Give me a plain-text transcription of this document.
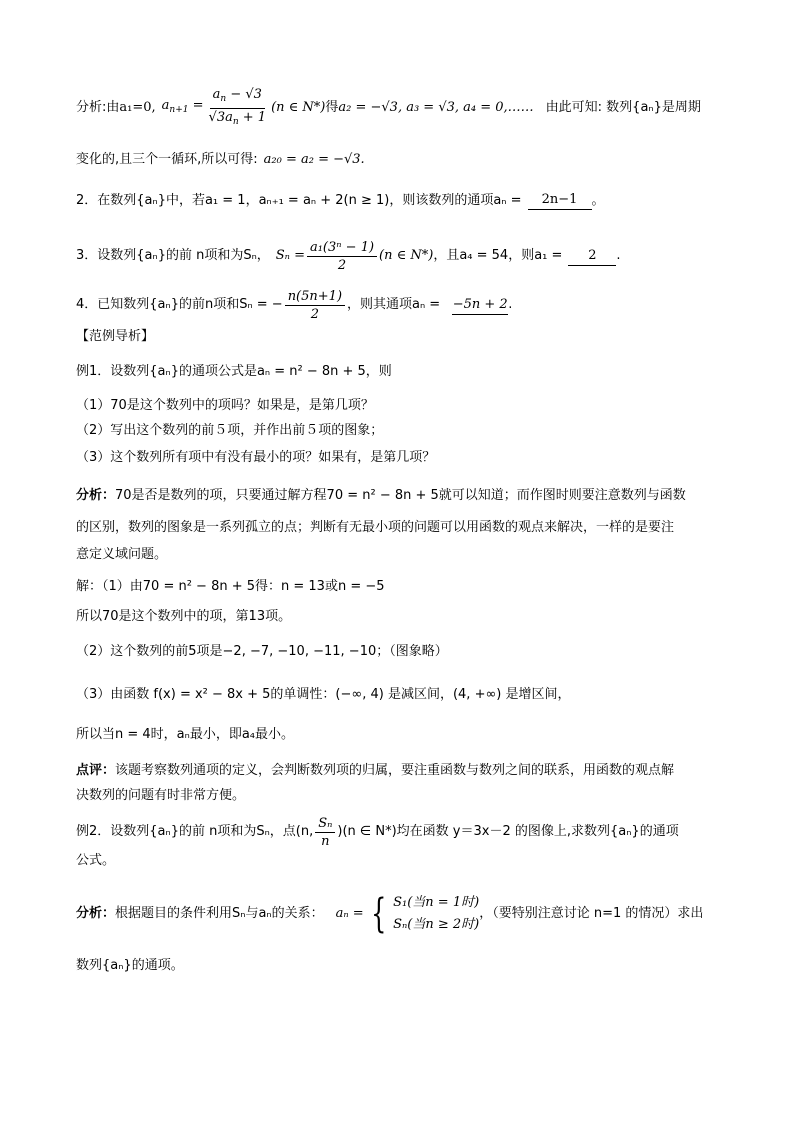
分析:由 a₁=0, $a_{n+1} = \frac{a_n - √3}{√3a_n + 1} (n$ ∈ N*) 得 a₂ = −√3, a₃ = √3, a₄ = 0,…… 由此可知: 数列{aₙ}是周期
变化的,且三个一循环,所以可得: a₂₀ = a₂ = −√3.
2．在数列{aₙ}中，若a₁ = 1，aₙ₊₁ = aₙ + 2(n ≥ 1)，则该数列的通项aₙ =	2n−1	。
3．设数列{aₙ}的前 n项和为Sₙ， $S_n = \frac{\text{a₁(3ⁿ − 1)}}{2} (n$ ∈ N*) ，且a₄ = 54，则a₁ =	2	.
4．已知数列{aₙ}的前n项和Sₙ = − $\frac{n(5n+1)}{2}$ ，则其通项aₙ = −5n + 2 .
【范例导析】
例1．设数列{aₙ}的通项公式是aₙ = n² − 8n + 5，则
（1）70是这个数列中的项吗？如果是，是第几项？
（2）写出这个数列的前５项，并作出前５项的图象；
（3）这个数列所有项中有没有最小的项？如果有，是第几项？
分析： 70是否是数列的项，只要通过解方程70 = n² − 8n + 5就可以知道；而作图时则要注意数列与函数
的区别，数列的图象是一系列孤立的点；判断有无最小项的问题可以用函数的观点来解决，一样的是要注
意定义域问题。
解：（1）由70 = n² − 8n + 5得：n = 13或n = −5
所以70是这个数列中的项，第13项。
（2）这个数列的前5项是−2, −7, −10, −11, −10；（图象略）
（3）由函数 f(x) = x² − 8x + 5的单调性：(−∞, 4) 是减区间，(4, +∞) 是增区间，
所以当n = 4时，aₙ最小，即a₄最小。
点评： 该题考察数列通项的定义，会判断数列项的归属，要注重函数与数列之间的联系，用函数的观点解
决数列的问题有时非常方便。
例2．设数列{aₙ}的前 n项和为Sₙ，点(n, $\frac{\text{Sₙ}}{n} )(n$ ∈ N*)均在函数 y＝3x－2 的图像上,求数列{aₙ}的通项
公式。
分析： 根据题目的条件利用Sₙ与aₙ的关系： aₙ = { S₁(当n = 1时)
Sₙ(当n ≥ 2时)
，（要特别注意讨论 n=1 的情况）求出
数列{aₙ}的通项。
